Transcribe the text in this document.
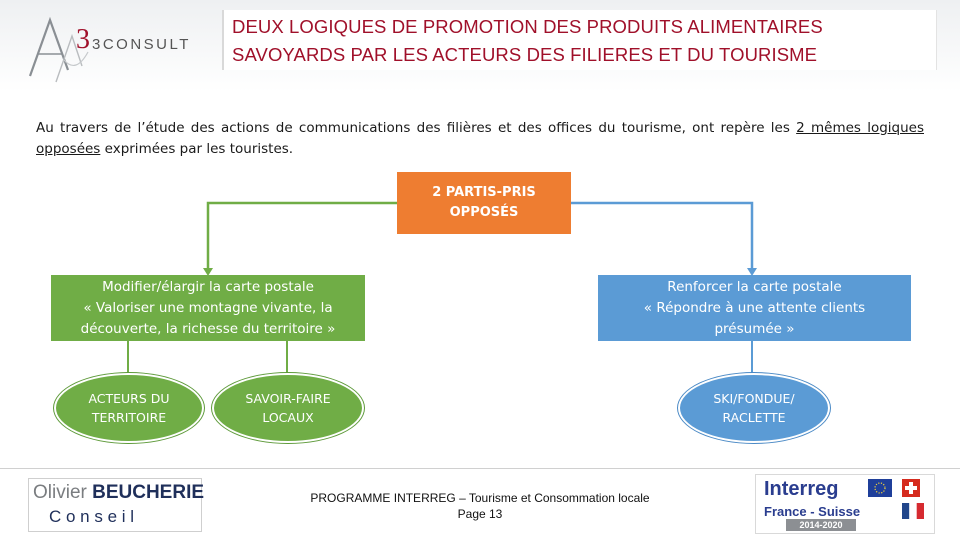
3 3CONSULT
DEUX LOGIQUES DE PROMOTION DES PRODUITS ALIMENTAIRES
SAVOYARDS PAR LES ACTEURS DES FILIERES ET DU TOURISME
Au travers de l’étude des actions de communications des filières et des offices du tourisme, ont repère les 2 mêmes logiques opposées exprimées par les touristes.
2 PARTIS-PRIS
OPPOSÉS
Modifier/élargir la carte postale
« Valoriser une montagne vivante, la
découverte, la richesse du territoire »
Renforcer la carte postale
« Répondre à une attente clients
présumée »
ACTEURS DU
TERRITOIRE
SAVOIR-FAIRE
LOCAUX
SKI/FONDUE/
RACLETTE
Olivier BEUCHERIE
C o n s e i l
PROGRAMME INTERREG – Tourisme et Consommation locale
Page 13
Interreg
France - Suisse
2014-2020
